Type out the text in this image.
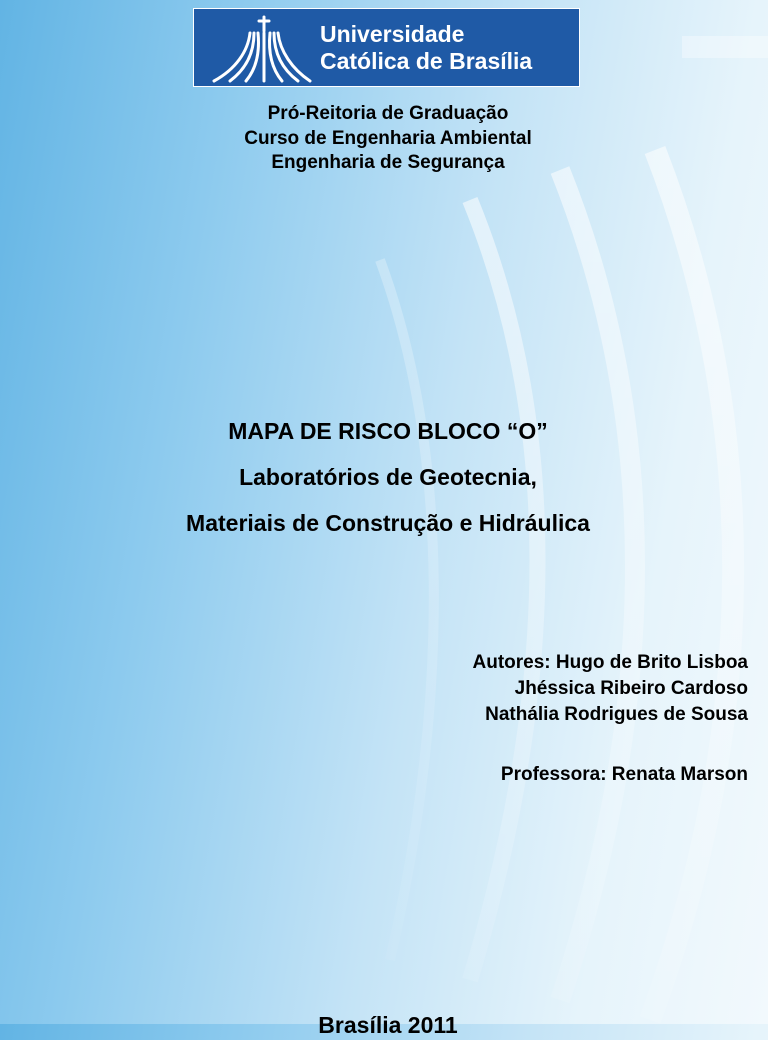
Universidade
Católica de Brasília
Pró-Reitoria de Graduação
Curso de Engenharia Ambiental
Engenharia de Segurança
MAPA DE RISCO BLOCO “O”
Laboratórios de Geotecnia,
Materiais de Construção e Hidráulica
Autores: Hugo de Brito Lisboa
Jhéssica Ribeiro Cardoso
Nathália Rodrigues de Sousa
Professora: Renata Marson
Brasília 2011
